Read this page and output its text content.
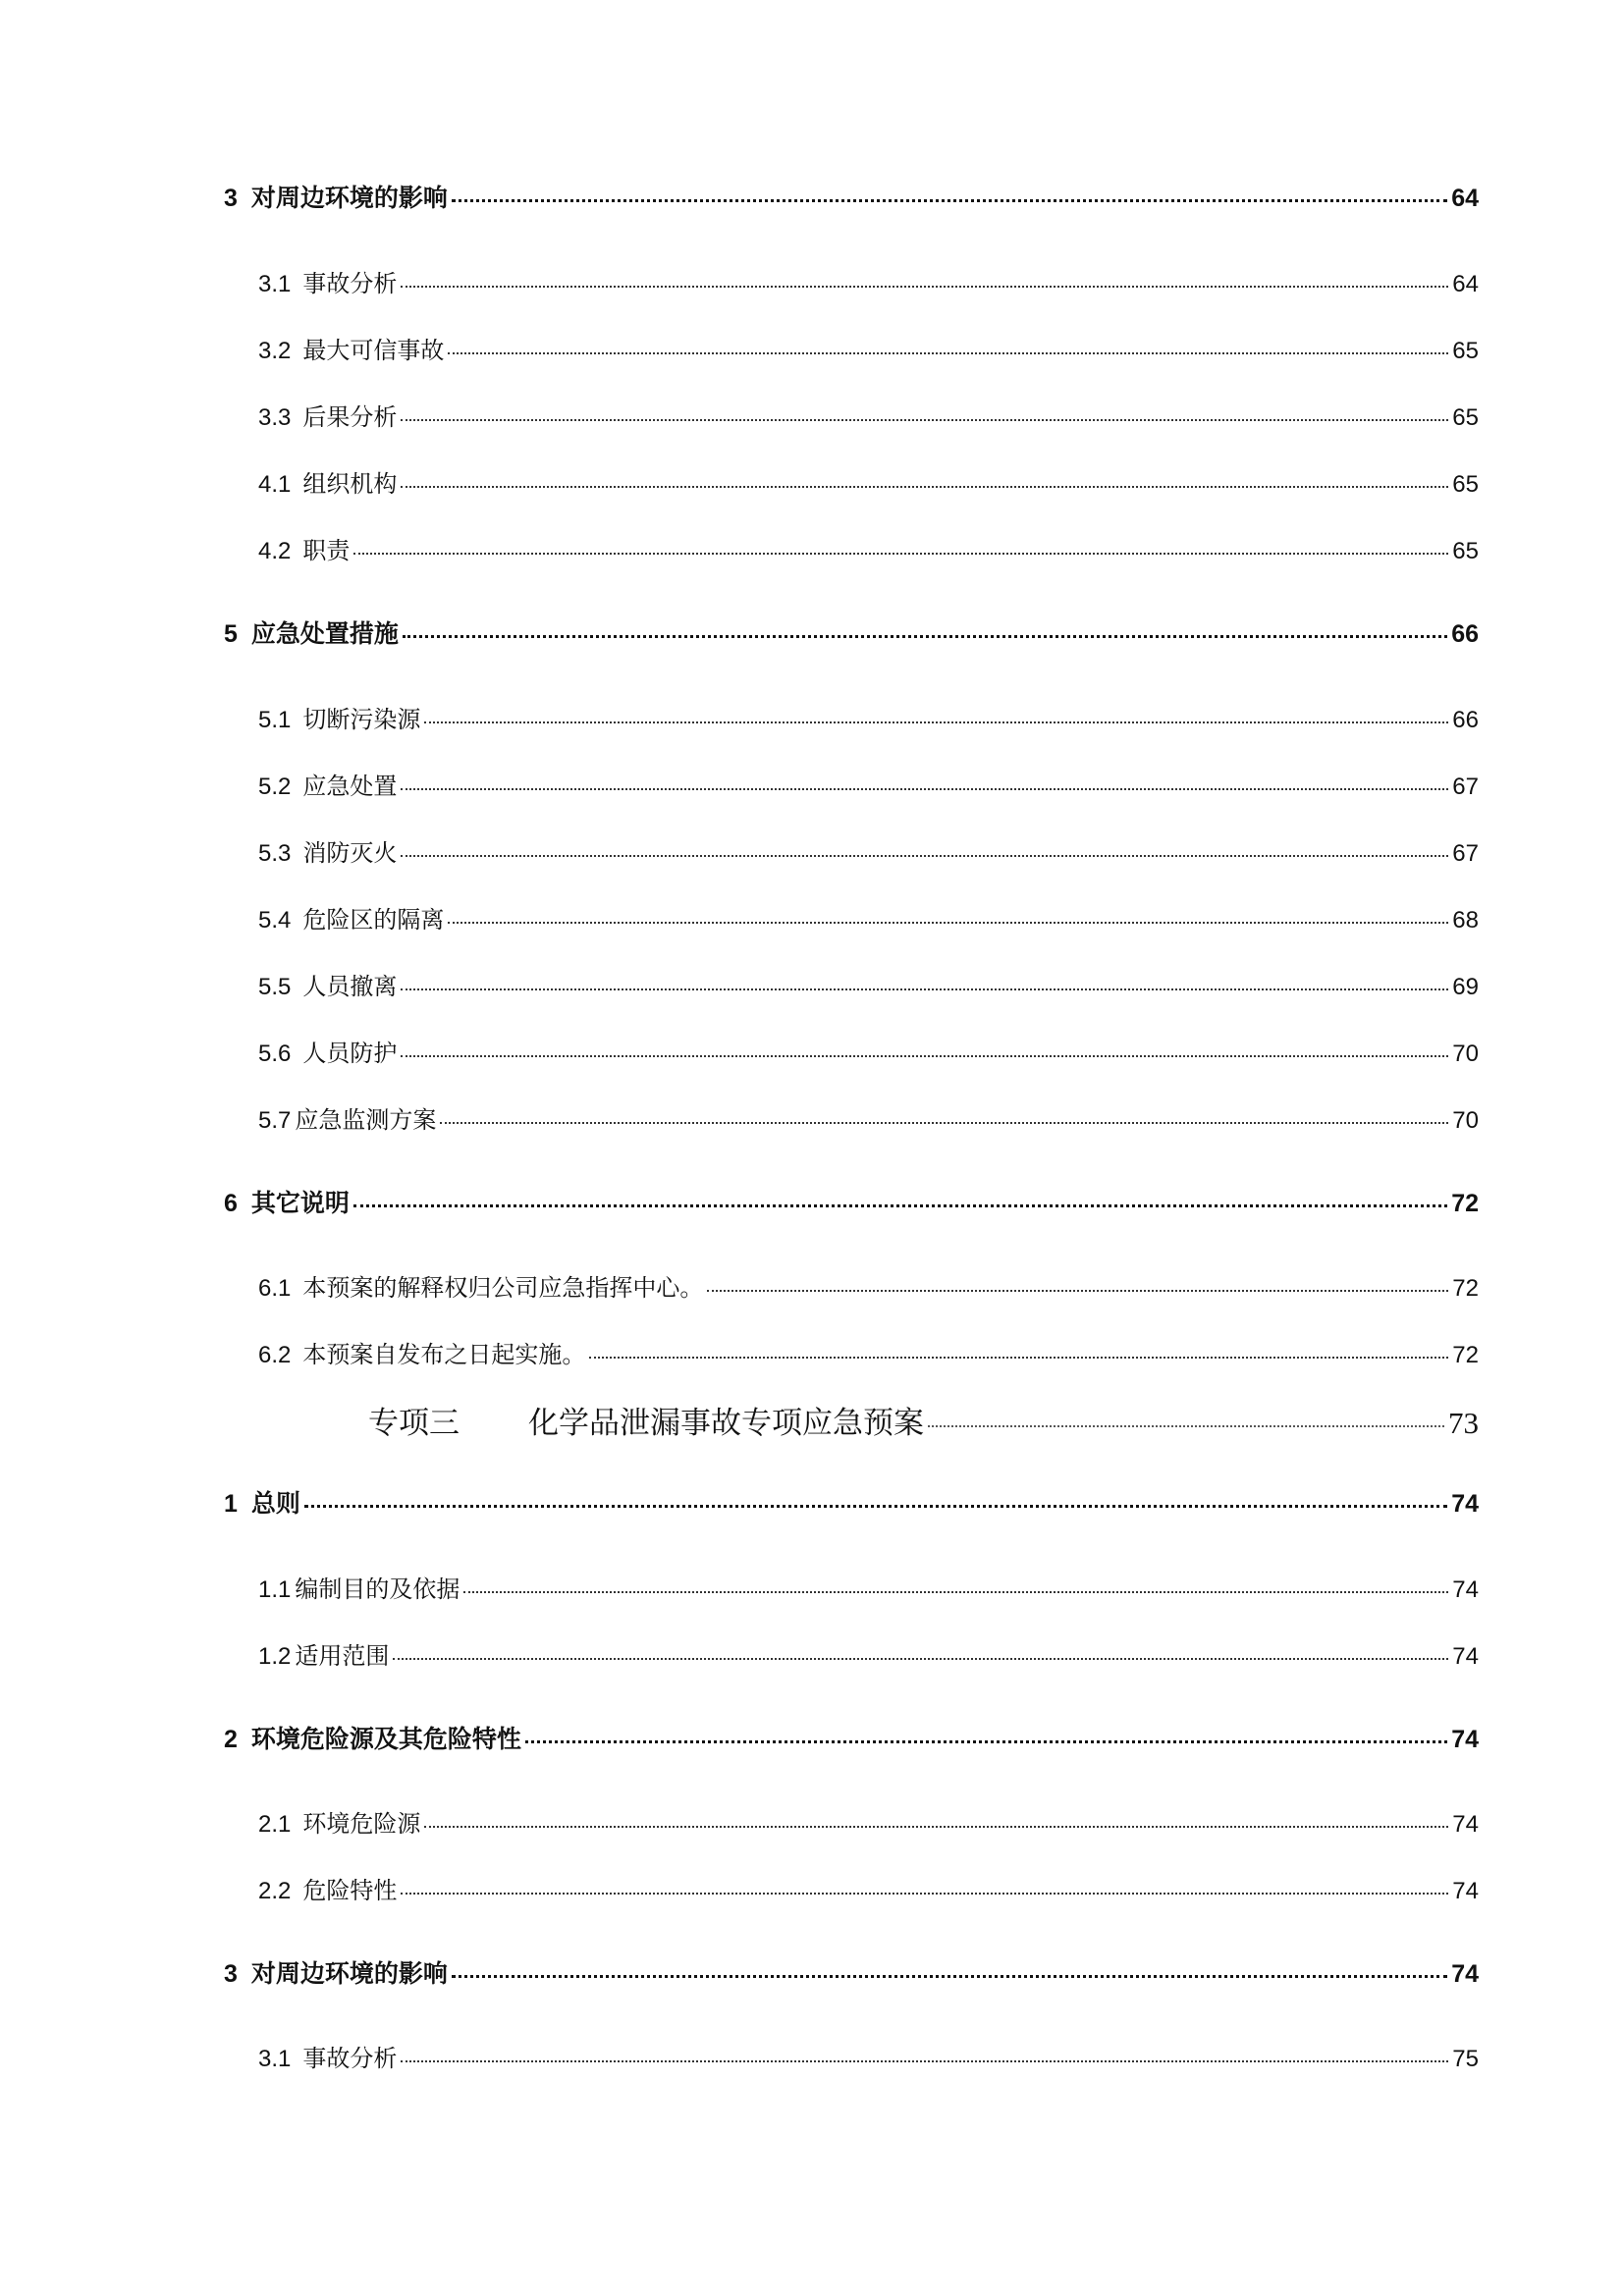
3 对周边环境的影响	64
3.1 事故分析	64
3.2 最大可信事故	65
3.3 后果分析	65
4.1 组织机构	65
4.2 职责	65
5 应急处置措施	66
5.1 切断污染源	66
5.2 应急处置	67
5.3 消防灭火	67
5.4 危险区的隔离	68
5.5 人员撤离	69
5.6 人员防护	70
5.7 应急监测方案	70
6 其它说明	72
6.1 本预案的解释权归公司应急指挥中心。	72
6.2 本预案自发布之日起实施。	72
专项三 化学品泄漏事故专项应急预案	73
1 总则	74
1.1 编制目的及依据	74
1.2 适用范围	74
2 环境危险源及其危险特性	74
2.1 环境危险源	74
2.2 危险特性	74
3 对周边环境的影响	74
3.1 事故分析	75
